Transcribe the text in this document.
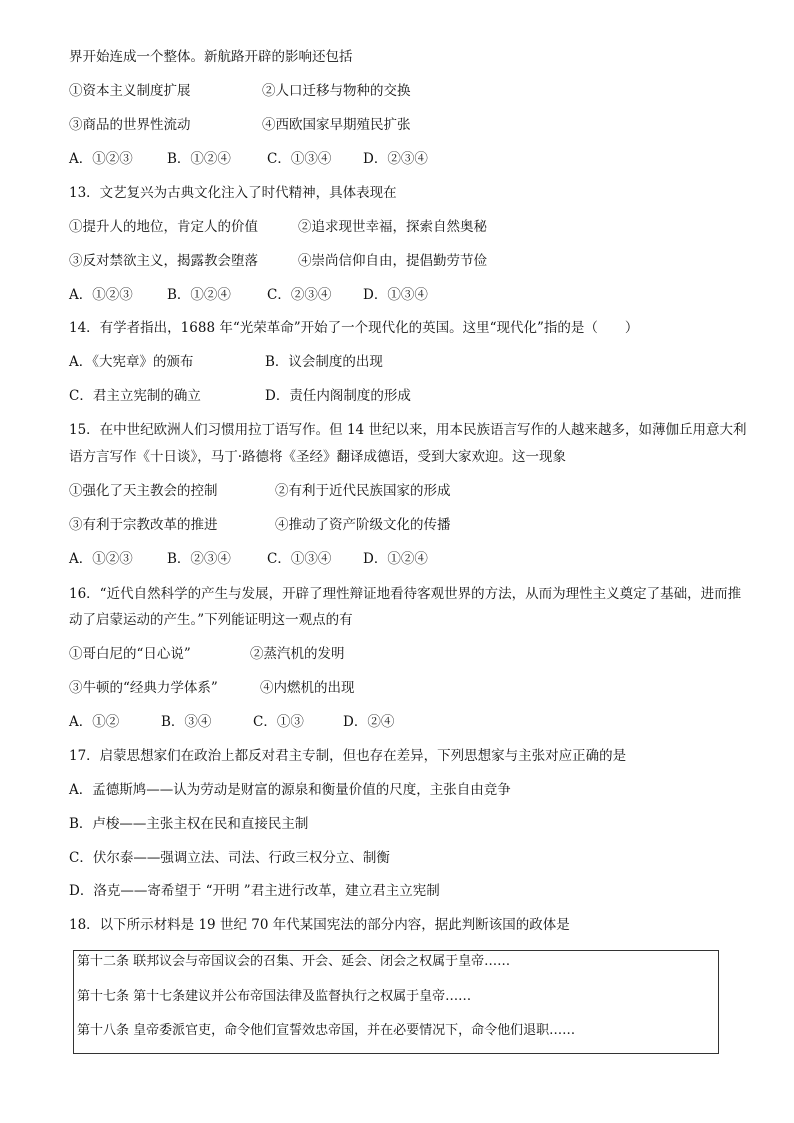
界开始连成一个整体。新航路开辟的影响还包括
①资本主义制度扩展	②人口迁移与物种的交换
③商品的世界性流动	④西欧国家早期殖民扩张
A．①②③	B．①②④	C．①③④ D．②③④
13．文艺复兴为古典文化注入了时代精神，具体表现在
①提升人的地位，肯定人的价值	②追求现世幸福，探索自然奥秘
③反对禁欲主义，揭露教会堕落	④崇尚信仰自由，提倡勤劳节俭
A．①②③	B．①②④	C．②③④ D．①③④
14．有学者指出，1688 年“光荣革命”开始了一个现代化的英国。这里“现代化”指的是（　　）
A．《大宪章》的颁布	B．议会制度的出现
C．君主立宪制的确立	D．责任内阁制度的形成
15．在中世纪欧洲人们习惯用拉丁语写作。但 14 世纪以来，用本民族语言写作的人越来越多，如薄伽丘用意大利
语方言写作《十日谈》，马丁·路德将《圣经》翻译成德语，受到大家欢迎。这一现象
①强化了天主教会的控制	②有利于近代民族国家的形成
③有利于宗教改革的推进	④推动了资产阶级文化的传播
A．①②③	B．②③④	C．①③④ D．①②④
16．“近代自然科学的产生与发展，开辟了理性辩证地看待客观世界的方法，从而为理性主义奠定了基础，进而推
动了启蒙运动的产生。”下列能证明这一观点的有
①哥白尼的“日心说”	②蒸汽机的发明
③牛顿的“经典力学体系”	④内燃机的出现
A．①②	B．③④	C．①③	D．②④
17．启蒙思想家们在政治上都反对君主专制，但也存在差异，下列思想家与主张对应正确的是
A．孟德斯鸠——认为劳动是财富的源泉和衡量价值的尺度，主张自由竞争
B．卢梭——主张主权在民和直接民主制
C．伏尔泰——强调立法、司法、行政三权分立、制衡
D．洛克——寄希望于 “开明 ”君主进行改革，建立君主立宪制
18．以下所示材料是 19 世纪 70 年代某国宪法的部分内容，据此判断该国的政体是
第十二条 联邦议会与帝国议会的召集、开会、延会、闭会之权属于皇帝……
第十七条 第十七条建议并公布帝国法律及监督执行之权属于皇帝……
第十八条 皇帝委派官吏，命令他们宣誓效忠帝国，并在必要情况下，命令他们退职……
